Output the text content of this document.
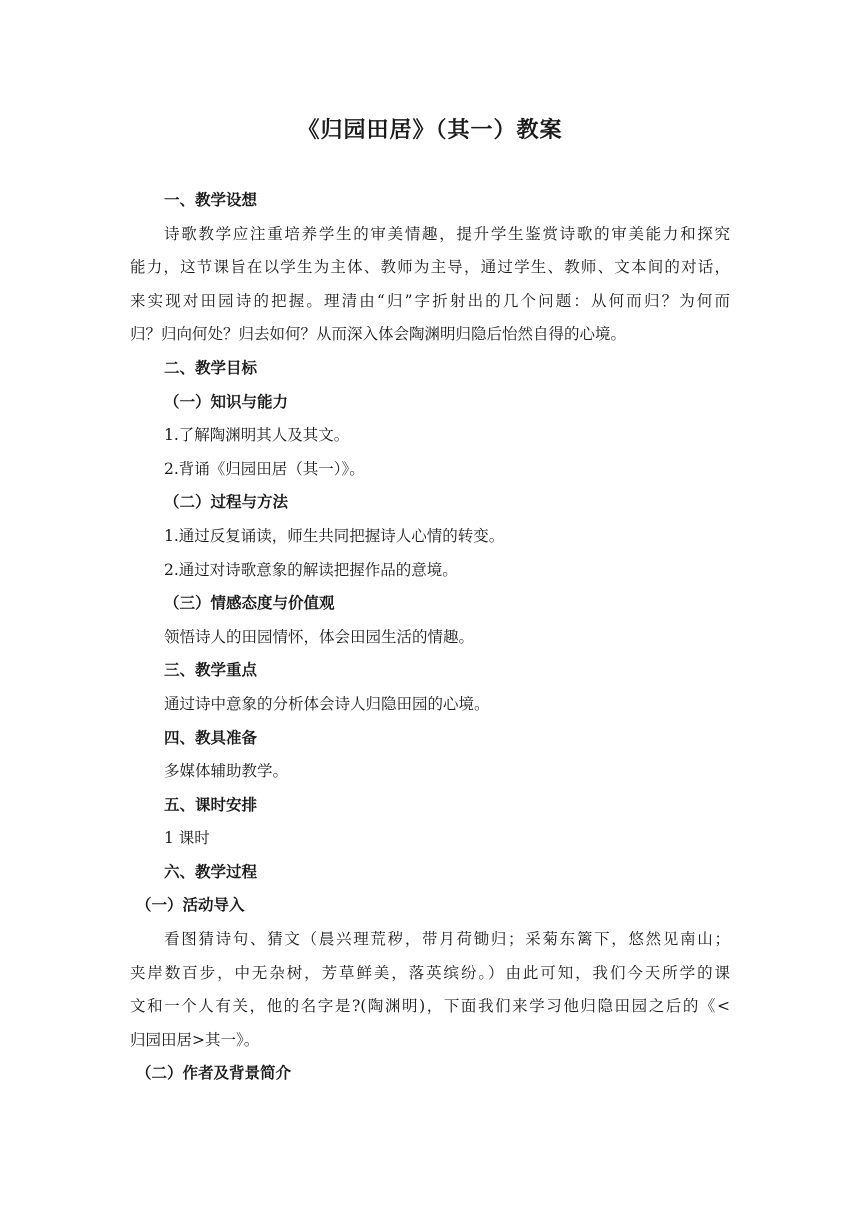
《归园田居》（其一）教案
一、教学设想
诗歌教学应注重培养学生的审美情趣，提升学生鉴赏诗歌的审美能力和探究
能力，这节课旨在以学生为主体、教师为主导，通过学生、教师、文本间的对话，
来实现对田园诗的把握。理清由“归”字折射出的几个问题：从何而归？为何而
归？归向何处？归去如何？从而深入体会陶渊明归隐后怡然自得的心境。
二、教学目标
（一）知识与能力
1.了解陶渊明其人及其文。
2.背诵《归园田居（其一）》。
（二）过程与方法
1.通过反复诵读，师生共同把握诗人心情的转变。
2.通过对诗歌意象的解读把握作品的意境。
（三）情感态度与价值观
领悟诗人的田园情怀，体会田园生活的情趣。
三、教学重点
通过诗中意象的分析体会诗人归隐田园的心境。
四、教具准备
多媒体辅助教学。
五、课时安排
1 课时
六、教学过程
（一）活动导入
看图猜诗句、猜文（晨兴理荒秽，带月荷锄归；采菊东篱下，悠然见南山；
夹岸数百步，中无杂树，芳草鲜美，落英缤纷。）由此可知，我们今天所学的课
文和一个人有关，他的名字是?(陶渊明)，下面我们来学习他归隐田园之后的《<
归园田居>其一》。
（二）作者及背景简介
